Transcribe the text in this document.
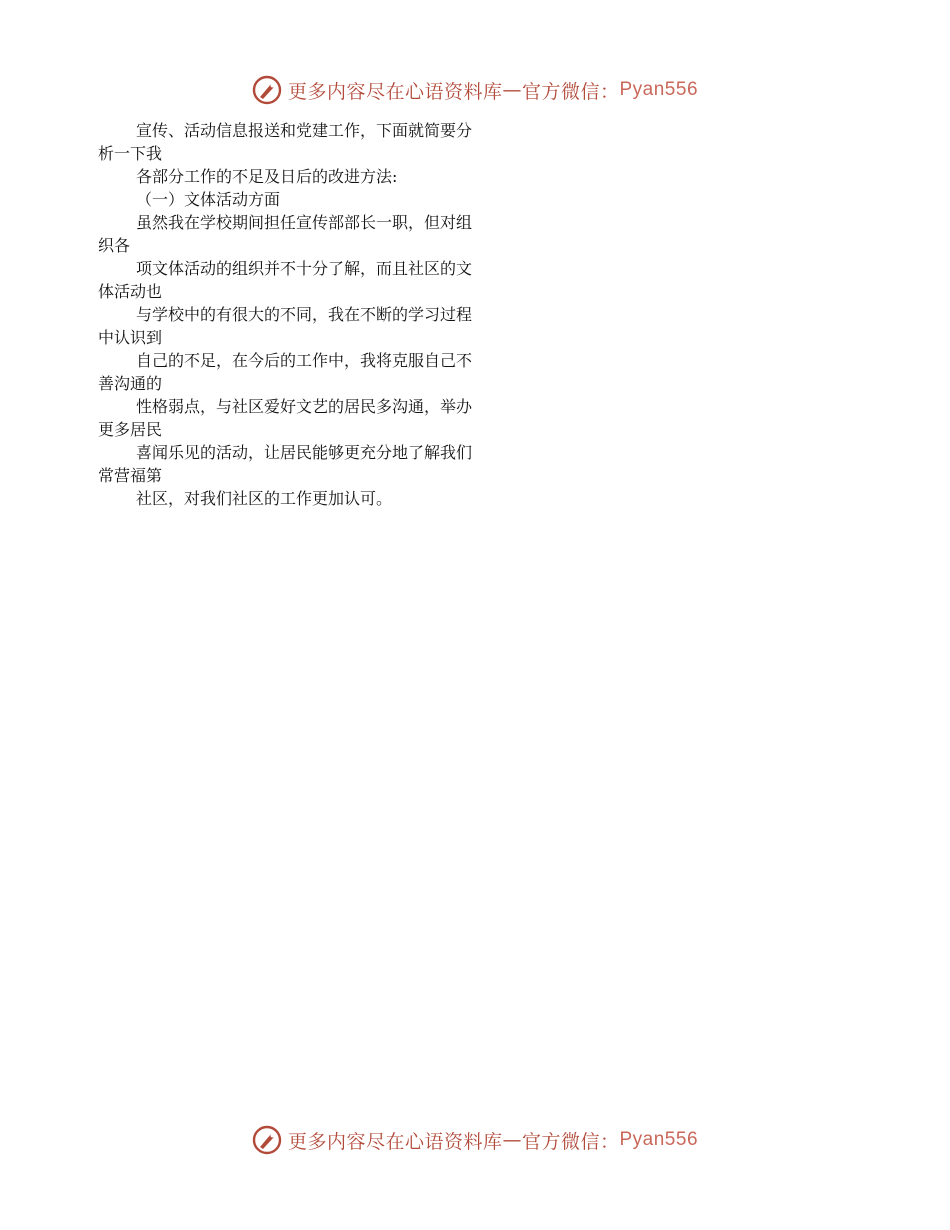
更多内容尽在心语资料库 — 官方微信： Pyan556
宣传、活动信息报送和党建工作，下面就简要分
析一下我
各部分工作的不足及日后的改进方法:
（一）文体活动方面
虽然我在学校期间担任宣传部部长一职，但对组
织各
项文体活动的组织并不十分了解，而且社区的文
体活动也
与学校中的有很大的不同，我在不断的学习过程
中认识到
自己的不足，在今后的工作中，我将克服自己不
善沟通的
性格弱点，与社区爱好文艺的居民多沟通，举办
更多居民
喜闻乐见的活动，让居民能够更充分地了解我们
常营福第
社区，对我们社区的工作更加认可。
更多内容尽在心语资料库 — 官方微信： Pyan556
